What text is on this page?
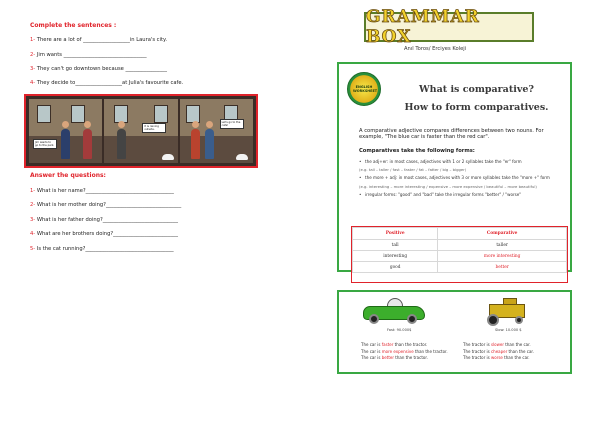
Complete the sentences :
1- There are a lot of __________________in Laura's city.
2- Jim wants ________________________________
3- They can't go downtown because ________________
4- They decide to__________________at Julia's favourite cafe.
Jim wants to go to the park.
It is raining outside.
Let's go to the cafe!
Answer the questions:
1- What is her name?__________________________________
2- What is her mother doing?_____________________________
3- What is her father doing?_____________________________
4- What are her brothers doing?_________________________
5- Is the cat running?__________________________________
GRAMMAR BOX
Anıl Toros/ Erciyes Koleji
ENGLISH WORKSHEET	What is comparative?
How to form comparatives.
A comparative adjective compares differences between two nouns. For example, "The blue car is faster than the red car".
Comparatives take the following forms:
• the adj+er: in most cases, adjectives with 1 or 2 syllables take the "er" form
(e.g. tall – taller / fast – faster / fat – fatter / big – bigger)
• the more + adj: in most cases, adjectives with 3 or more syllables take the "more +" form
(e.g. interesting – more interesting / expensive – more expensive / beautiful – more beautiful)
• irregular forms: "good" and "bad" take the irregular forms "better" / "worse"
Positive	Comparative
tall	taller
interesting	more interesting
good	better
Fast: 90.000$	Slow: 10.000 $
The car is faster than the tractor.
The car is more expensive than the tractor.
The car is better than the tractor.
The tractor is slower than the car.
The tractor is cheaper than the car.
The tractor is worse than the car.
